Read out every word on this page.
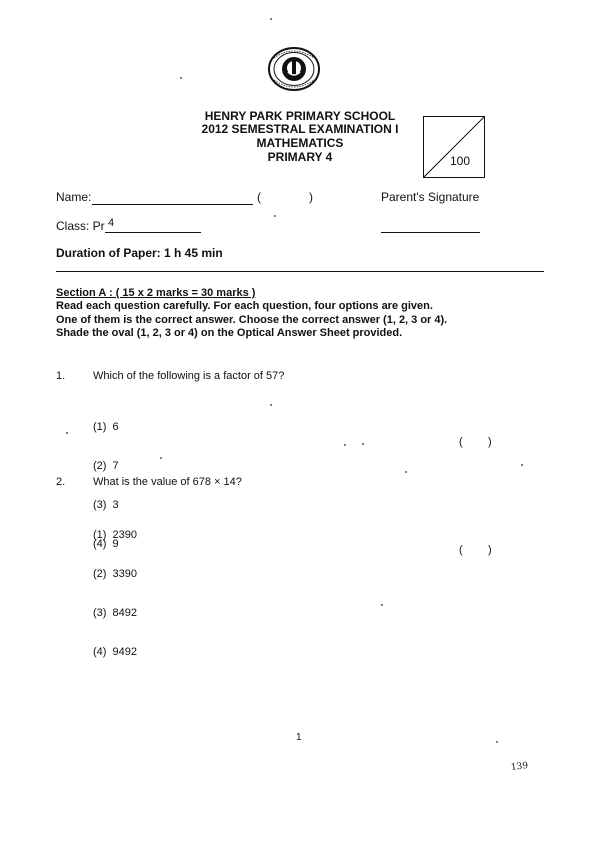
HENRY PARK PRIMARY SCHOOL
2012 SEMESTRAL EXAMINATION I
MATHEMATICS
PRIMARY 4	100
Name:	(	)	Parent's Signature
Class: Pr 4
Duration of Paper: 1 h 45 min
Section A : ( 15 x 2 marks = 30 marks )
Read each question carefully. For each question, four options are given.
One of them is the correct answer. Choose the correct answer (1, 2, 3 or 4).
Shade the oval (1, 2, 3 or 4) on the Optical Answer Sheet provided.
1.	Which of the following is a factor of 57?

(1)  6

(2)  7

(3)  3

(4)  9

(      )
2.	What is the value of 678 × 14?

(1)  2390

(2)  3390

(3)  8492

(4)  9492

(      )
1
139
